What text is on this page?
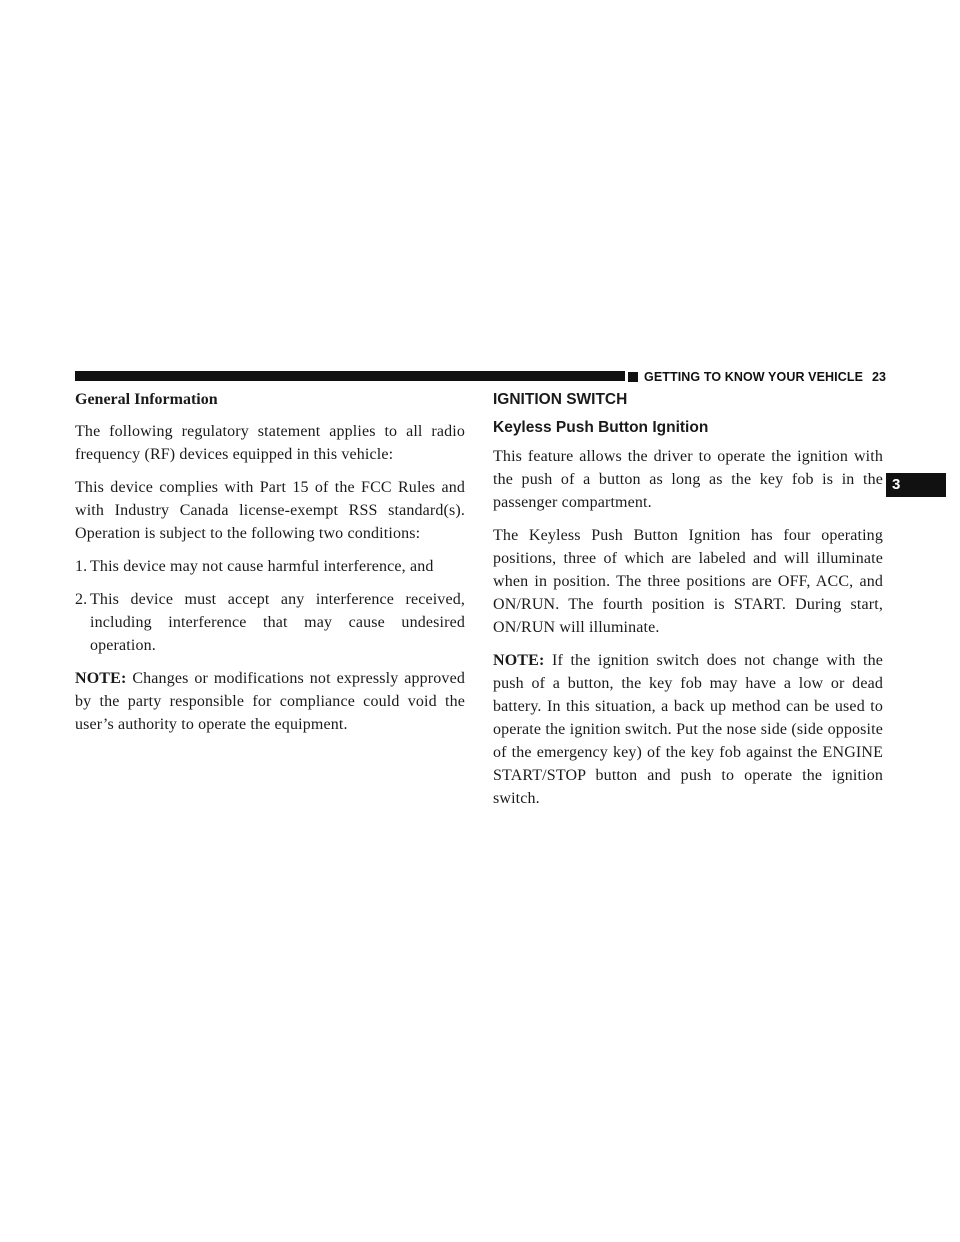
GETTING TO KNOW YOUR VEHICLE 23
3
General Information

The following regulatory statement applies to all radio frequency (RF) devices equipped in this vehicle:

This device complies with Part 15 of the FCC Rules and with Industry Canada license-exempt RSS standard(s). Operation is subject to the following two conditions:

1. This device may not cause harmful interference, and
2. This device must accept any interference received, including interference that may cause undesired operation.

NOTE: Changes or modifications not expressly approved by the party responsible for compliance could void the user’s authority to operate the equipment.

IGNITION SWITCH
Keyless Push Button Ignition

This feature allows the driver to operate the ignition with the push of a button as long as the key fob is in the passenger compartment.

The Keyless Push Button Ignition has four operating positions, three of which are labeled and will illuminate when in position. The three positions are OFF, ACC, and ON/RUN. The fourth position is START. During start, ON/RUN will illuminate.

NOTE: If the ignition switch does not change with the push of a button, the key fob may have a low or dead battery. In this situation, a back up method can be used to operate the ignition switch. Put the nose side (side opposite of the emergency key) of the key fob against the ENGINE START/STOP button and push to operate the ignition switch.
